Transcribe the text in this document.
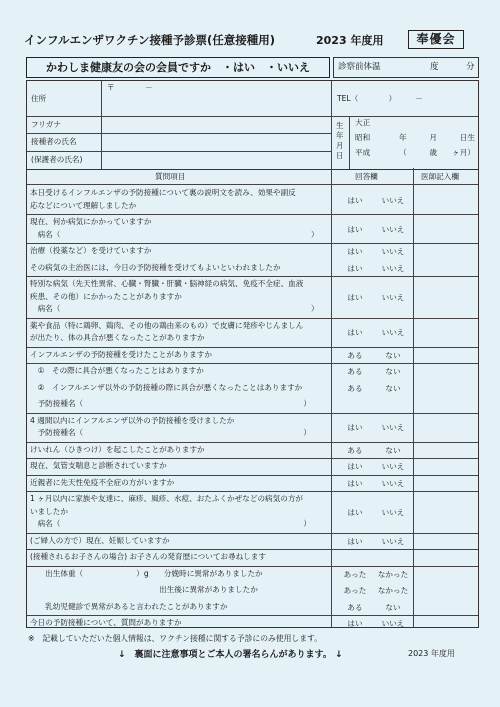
インフルエンザワクチン接種予診票(任意接種用)	2023 年度用	奉優会
かわしま健康友の会の会員ですか　・はい　・いいえ	診察前体温	度	分
住所
〒　　　　－
TEL（　　　　）　　　－
フリガナ
接種者の氏名
(保護者の氏名)
生年月日
大正
昭和
平成
年　　　月　　　日生
（　　　歳　　ヶ月）
質問項目	回答欄	医師記入欄
本日受けるインフルエンザの予防接種について裏の説明文を読み、効果や副反
応などについて理解しましたか
はい	いいえ
現在、何か病気にかかっていますか
　病名（　　　　　　　　　　　　　　　　　　　　　　　　　　　　　　　　　）
はい	いいえ
治療（投薬など）を受けていますか	はい	いいえ
その病気の主治医には、今日の予防接種を受けてもよいといわれましたか	はい	いいえ
特別な病気（先天性異常、心臓・腎臓・肝臓・脳神経の病気、免疫不全症、血液
疾患、その他）にかかったことがありますか
　病名（　　　　　　　　　　　　　　　　　　　　　　　　　　　　　　　　　）
はい	いいえ
薬や食品（特に鶏卵、鶏肉、その他の鶏由来のもの）で皮膚に発疹やじんましん
が出たり、体の具合が悪くなったことがありますか
はい	いいえ
インフルエンザの予防接種を受けたことがありますか	ある	ない
　①　その際に具合が悪くなったことはありますか	ある	ない
　②　インフルエンザ以外の予防接種の際に具合が悪くなったことはありますか	ある	ない
　予防接種名（　　　　　　　　　　　　　　　　　　　　　　　　　　　　　）
4 週間以内にインフルエンザ以外の予防接種を受けましたか
　予防接種名（　　　　　　　　　　　　　　　　　　　　　　　　　　　　　）
はい	いいえ
けいれん（ひきつけ）を起こしたことがありますか	ある	ない
現在、気管支喘息と診断されていますか	はい	いいえ
近親者に先天性免疫不全症の方がいますか	はい	いいえ
1 ヶ月以内に家族や友達に、麻疹、風疹、水痘、おたふくかぜなどの病気の方が
いましたか
　病名（　　　　　　　　　　　　　　　　　　　　　　　　　　　　　　　　）
はい	いいえ
(ご婦人の方で）現在、妊娠していますか	はい	いいえ
(接種されるお子さんの場合) お子さんの発育歴についてお尋ねします
　　出生体重（　　　　　　　）g　　分娩時に異常がありましたか	あった	なかった
　　　　　　　　　　　　　　　　　出生後に異常がありましたか	あった	なかった
　　乳幼児健診で異常があると言われたことがありますか	ある	ない
今日の予防接種について、質問がありますか	はい	いいえ
※　記載していただいた個人情報は、ワクチン接種に関する予診にのみ使用します。
↓　裏面に注意事項とご本人の署名らんがあります。 ↓	2023 年度用
